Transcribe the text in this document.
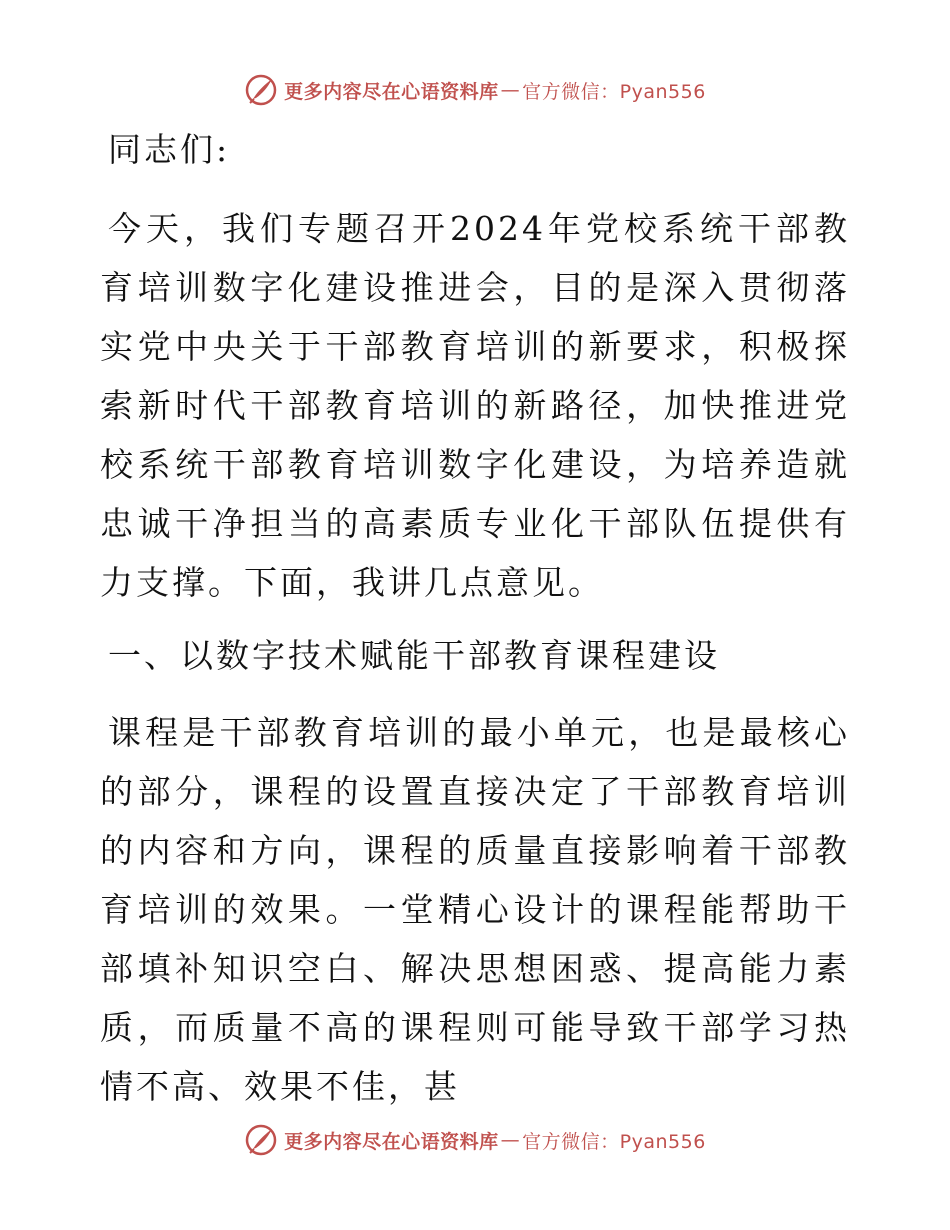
更多内容尽在心语资料库 — 官方微信：Pyan556

同志们:

今天，我们专题召开2024年党校系统干部教育培训数字化建设推进会，目的是深入贯彻落实党中央关于干部教育培训的新要求，积极探索新时代干部教育培训的新路径，加快推进党校系统干部教育培训数字化建设，为培养造就忠诚干净担当的高素质专业化干部队伍提供有力支撑。下面，我讲几点意见。

一、以数字技术赋能干部教育课程建设

课程是干部教育培训的最小单元，也是最核心的部分，课程的设置直接决定了干部教育培训的内容和方向，课程的质量直接影响着干部教育培训的效果。一堂精心设计的课程能帮助干部填补知识空白、解决思想困惑、提高能力素质，而质量不高的课程则可能导致干部学习热情不高、效果不佳，甚

更多内容尽在心语资料库 — 官方微信：Pyan556
